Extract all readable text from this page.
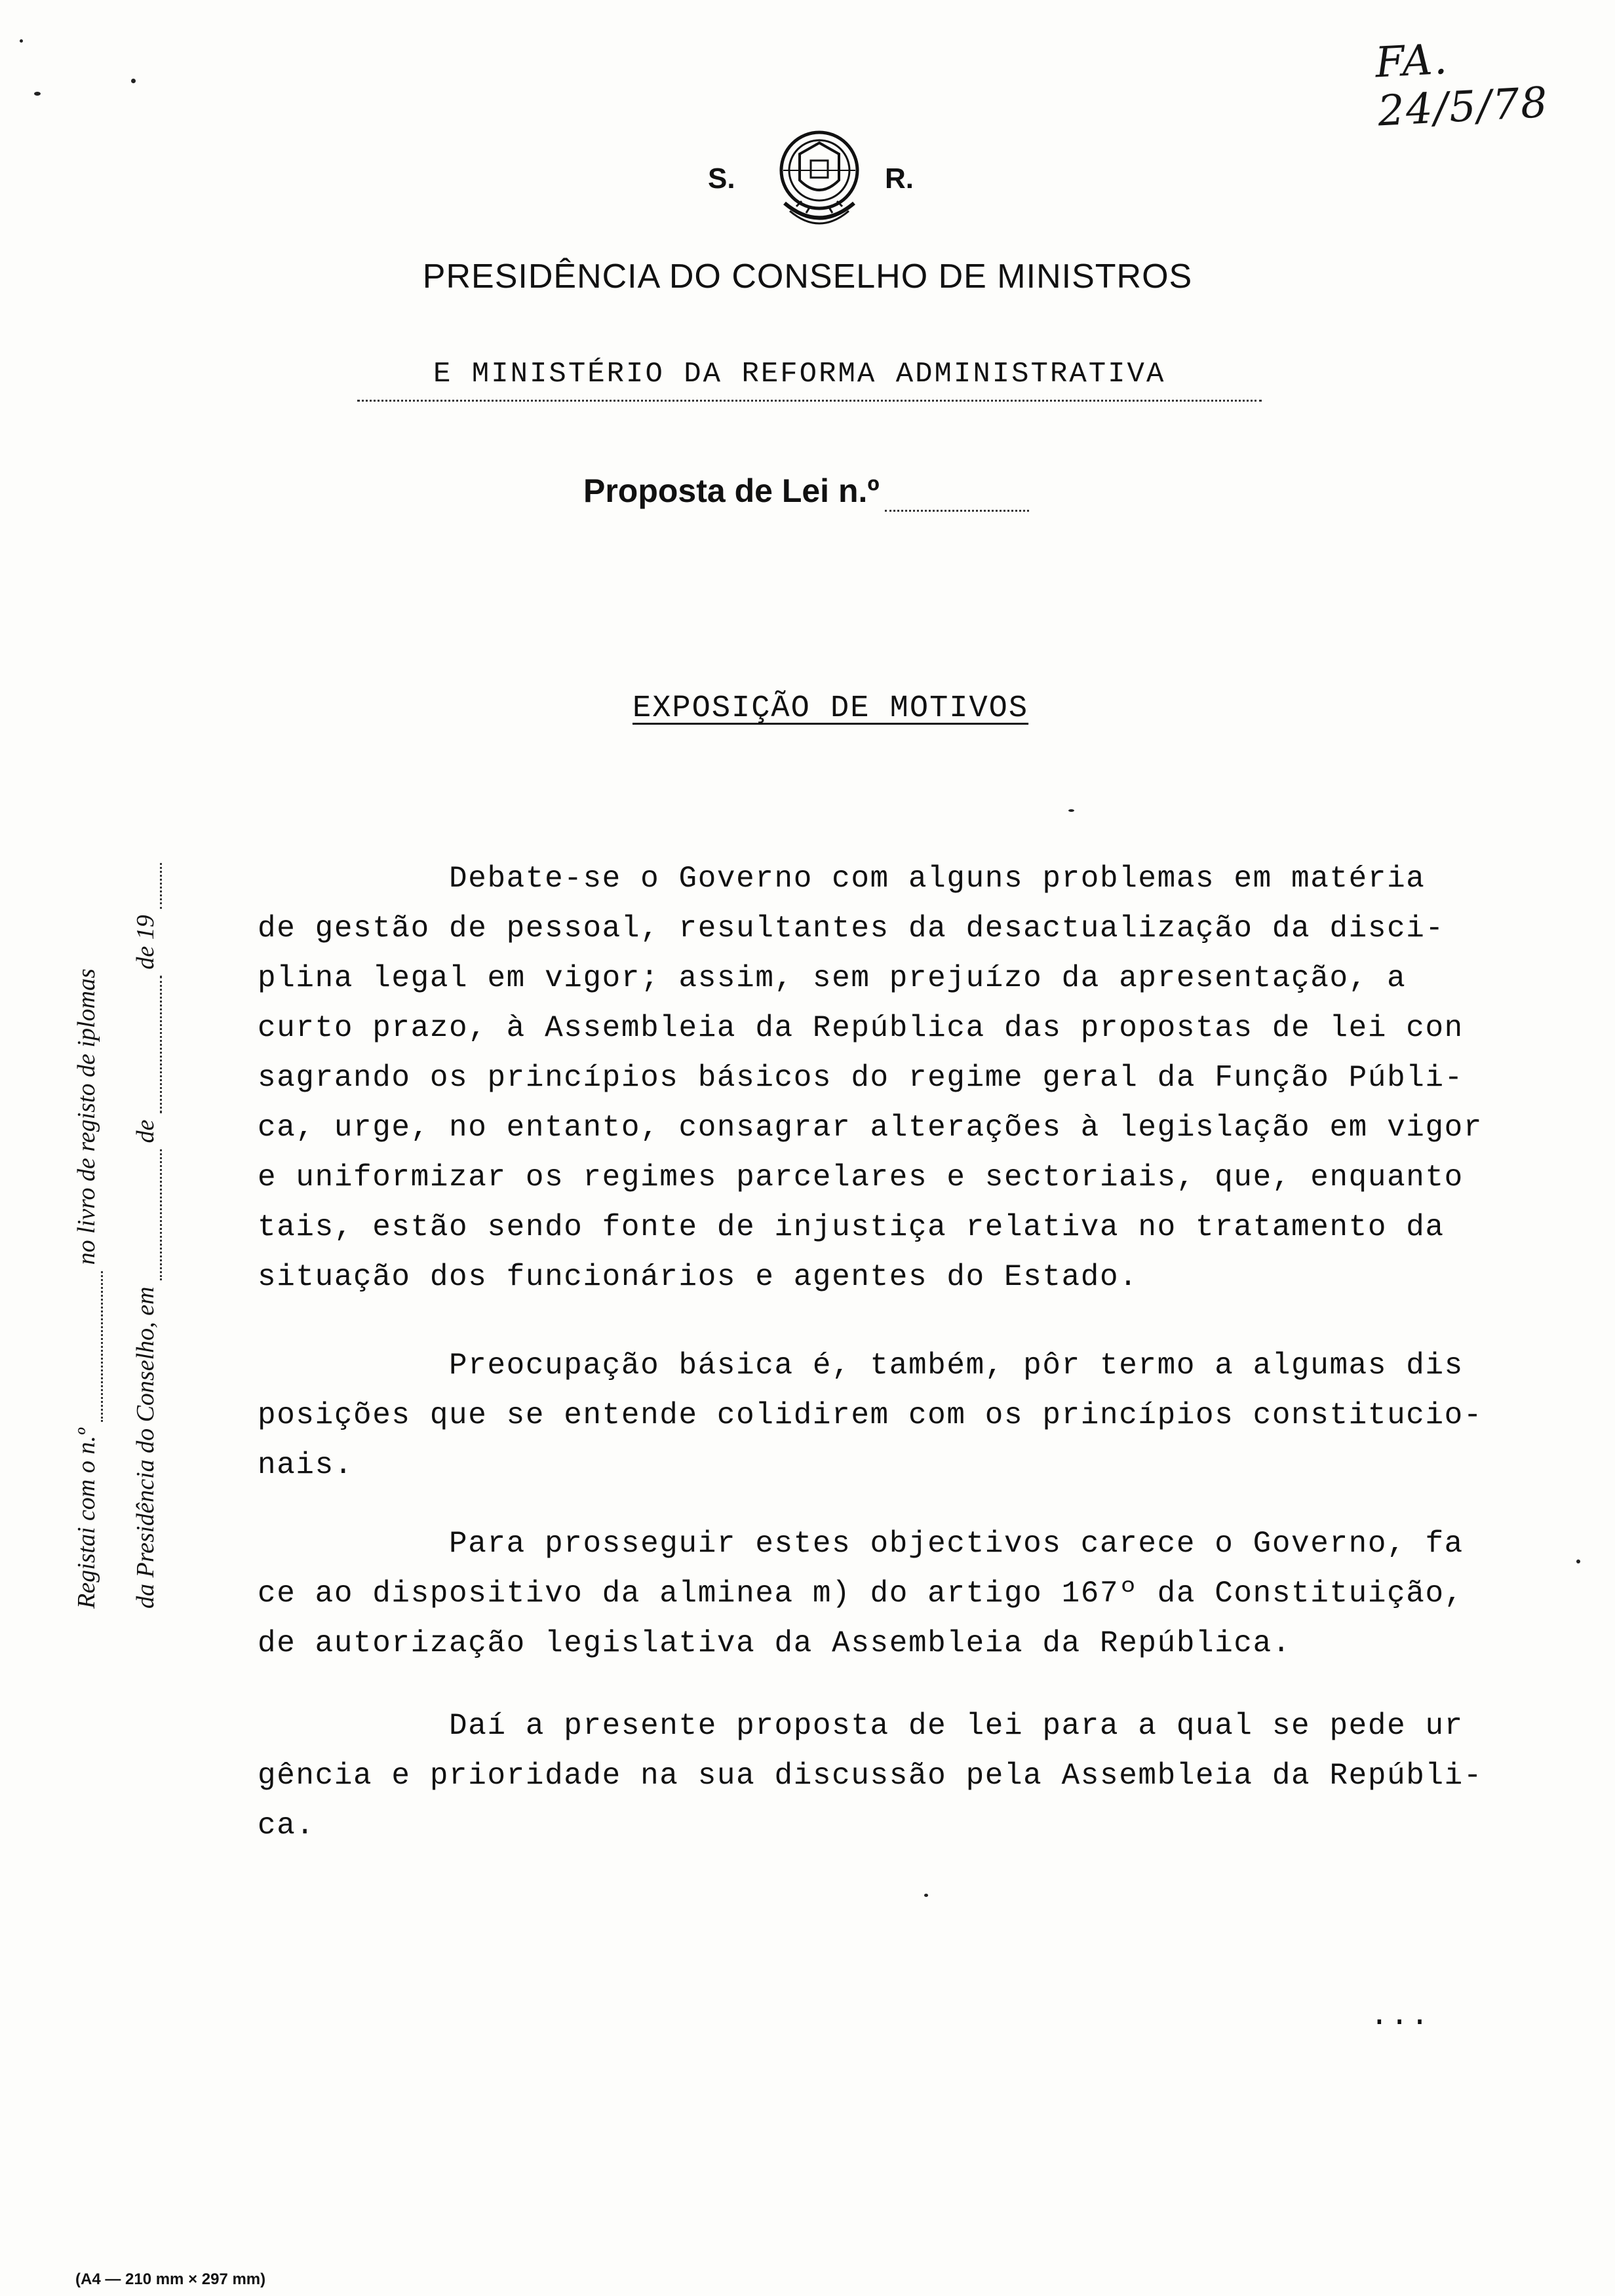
FA. 24/5/78
S.	R.
PRESIDÊNCIA DO CONSELHO DE MINISTROS
E MINISTÉRIO DA REFORMA ADMINISTRATIVA
Proposta de Lei n.º
EXPOSIÇÃO DE MOTIVOS
Debate-se o Governo com alguns problemas em matéria
de gestão de pessoal, resultantes da desactualização da disci-
plina legal em vigor; assim, sem prejuízo da apresentação, a
curto prazo, à Assembleia da República das propostas de lei con
sagrando os princípios básicos do regime geral da Função Públi-
ca, urge, no entanto, consagrar alterações à legislação em vigor
e uniformizar os regimes parcelares e sectoriais, que, enquanto
tais, estão sendo fonte de injustiça relativa no tratamento da
situação dos funcionários e agentes do Estado.
Preocupação básica é, também, pôr termo a algumas dis
posições que se entende colidirem com os princípios constitucio-
nais.
Para prosseguir estes objectivos carece o Governo, fa
ce ao dispositivo da alminea m) do artigo 167º da Constituição,
de autorização legislativa da Assembleia da República.
Daí a presente proposta de lei para a qual se pede ur
gência e prioridade na sua discussão pela Assembleia da Repúbli-
ca.
...
Registai com o n.º   no livro de registo de iplomas
da Presidência do Conselho, em   de   de 19
(A4 — 210 mm × 297 mm)
